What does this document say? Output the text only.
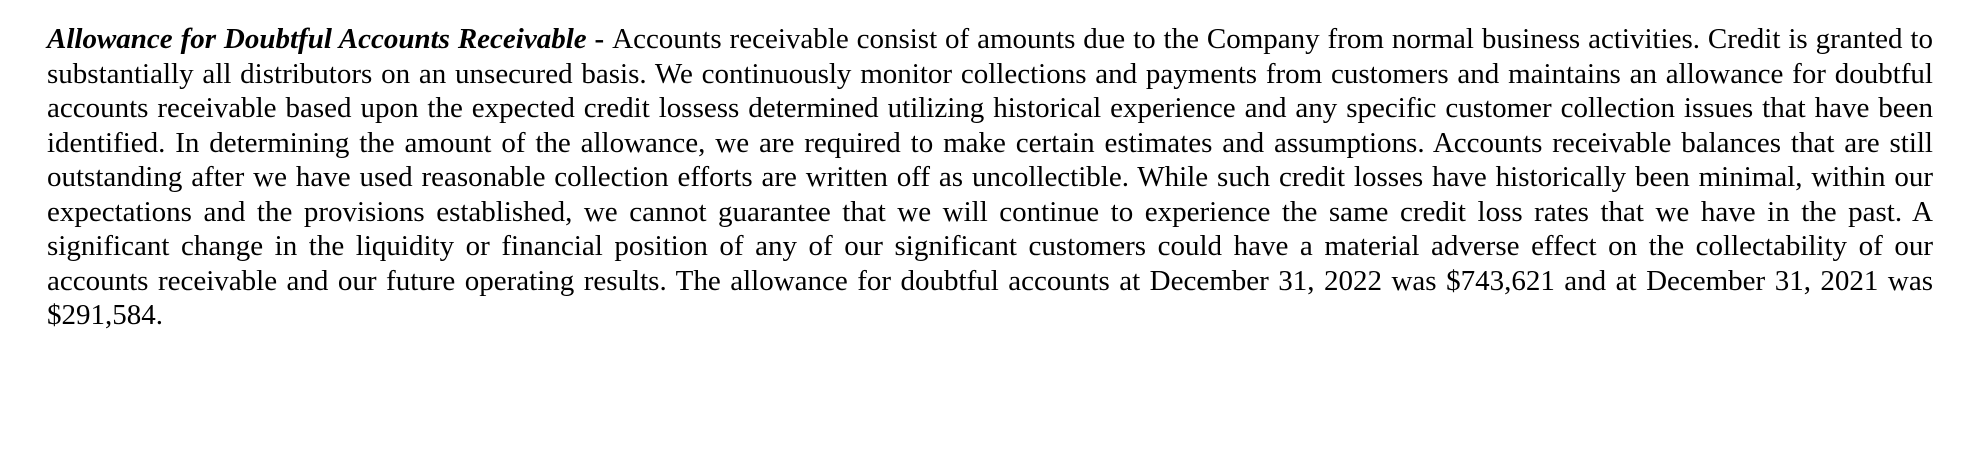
Allowance for Doubtful Accounts Receivable - Accounts receivable consist of amounts due to the Company from normal business activities. Credit is granted to substantially all distributors on an unsecured basis. We continuously monitor collections and payments from customers and maintains an allowance for doubtful accounts receivable based upon the expected credit lossess determined utilizing historical experience and any specific customer collection issues that have been identified. In determining the amount of the allowance, we are required to make certain estimates and assumptions. Accounts receivable balances that are still outstanding after we have used reasonable collection efforts are written off as uncollectible. While such credit losses have historically been minimal, within our expectations and the provisions established, we cannot guarantee that we will continue to experience the same credit loss rates that we have in the past. A significant change in the liquidity or financial position of any of our significant customers could have a material adverse effect on the collectability of our accounts receivable and our future operating results. The allowance for doubtful accounts at December 31, 2022 was $743,621 and at December 31, 2021 was $291,584.
